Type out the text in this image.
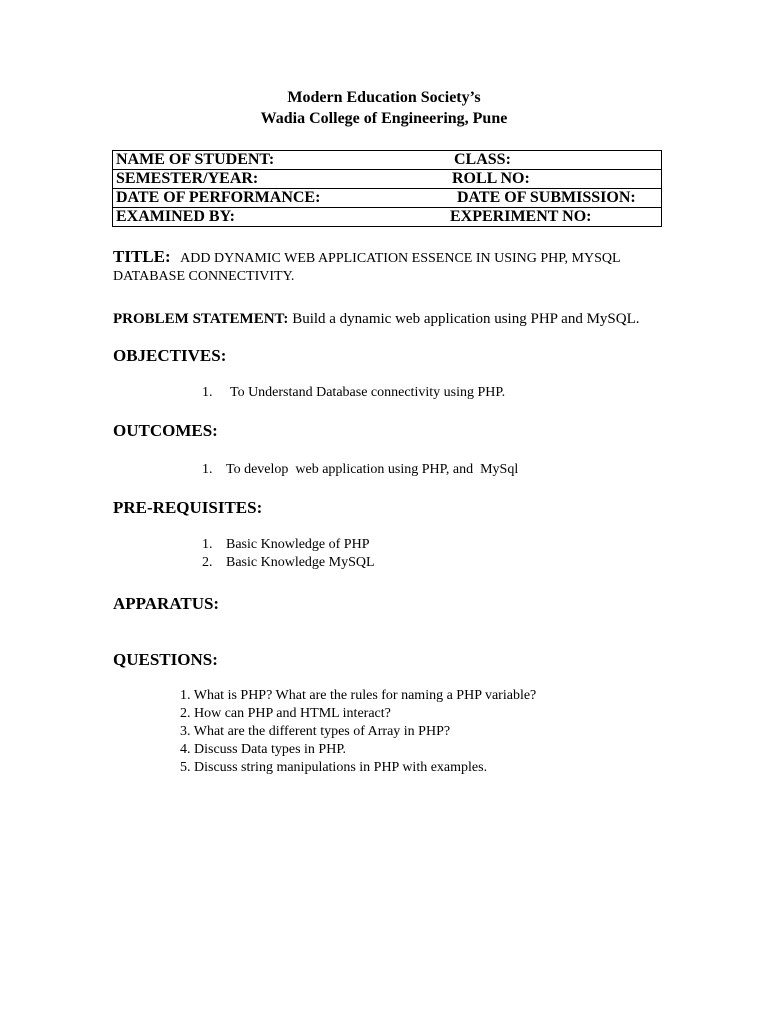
Modern Education Society’s
Wadia College of Engineering, Pune
NAME OF STUDENT:	CLASS:
SEMESTER/YEAR:	ROLL NO:
DATE OF PERFORMANCE:	DATE OF SUBMISSION:
EXAMINED BY:	EXPERIMENT NO:
TITLE: ADD DYNAMIC WEB APPLICATION ESSENCE IN USING PHP, MYSQL DATABASE CONNECTIVITY.
PROBLEM STATEMENT: Build a dynamic web application using PHP and MySQL.
OBJECTIVES:
1. To Understand Database connectivity using PHP.
OUTCOMES:
1. To develop  web application using PHP, and  MySql
PRE-REQUISITES:
1. Basic Knowledge of PHP
2. Basic Knowledge MySQL
APPARATUS:
QUESTIONS:
1. What is PHP? What are the rules for naming a PHP variable?
2. How can PHP and HTML interact?
3. What are the different types of Array in PHP?
4. Discuss Data types in PHP.
5. Discuss string manipulations in PHP with examples.
